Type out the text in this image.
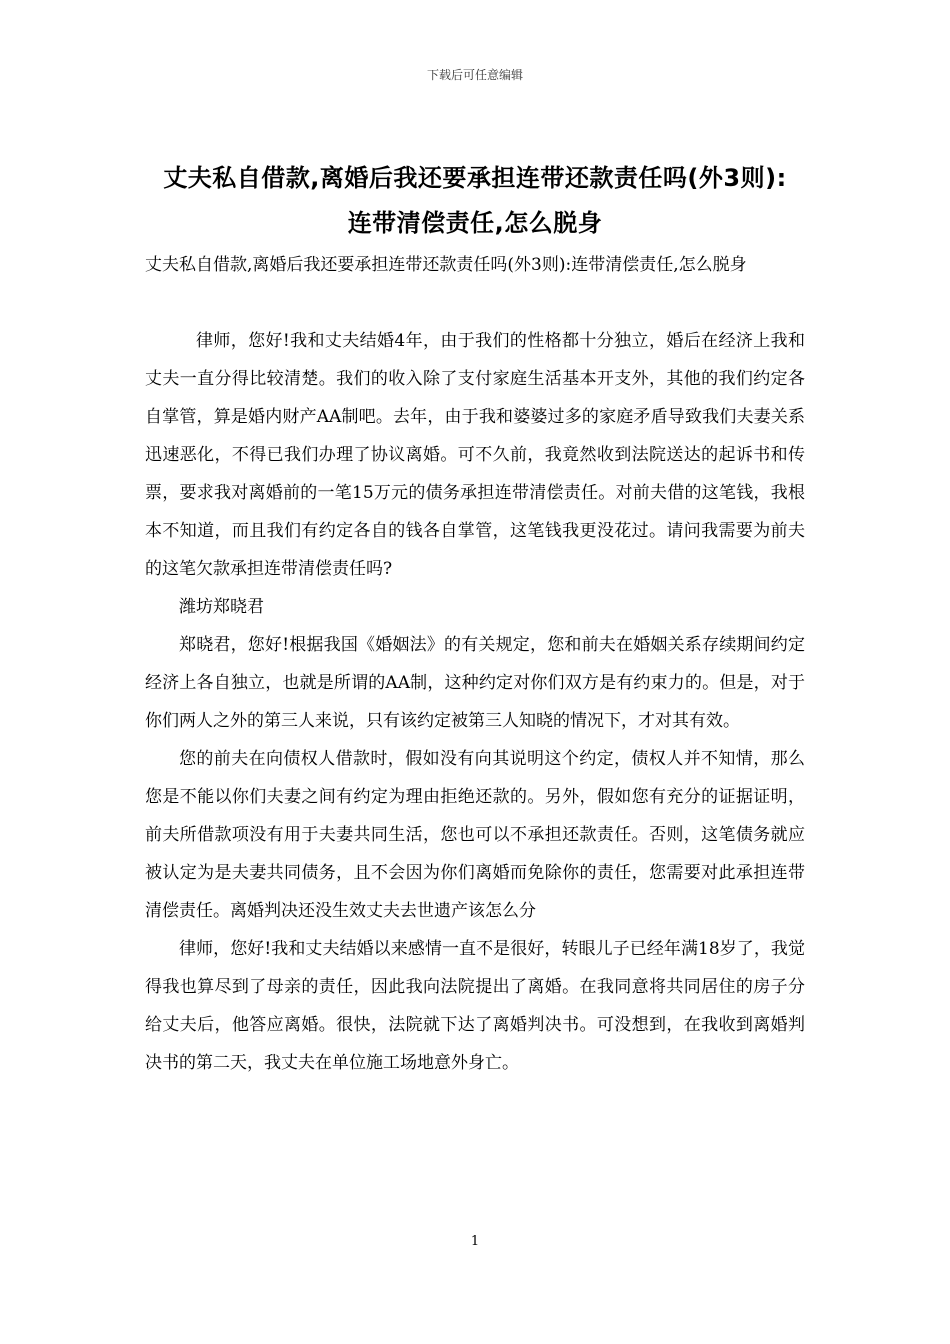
下载后可任意编辑
丈夫私自借款,离婚后我还要承担连带还款责任吗(外3则):
连带清偿责任,怎么脱身

丈夫私自借款,离婚后我还要承担连带还款责任吗(外3则):连带清偿责任,怎么脱身

律师，您好!我和丈夫结婚4年，由于我们的性格都十分独立，婚后在经济上我和丈夫一直分得比较清楚。我们的收入除了支付家庭生活基本开支外，其他的我们约定各自掌管，算是婚内财产AA制吧。去年，由于我和婆婆过多的家庭矛盾导致我们夫妻关系迅速恶化，不得已我们办理了协议离婚。可不久前，我竟然收到法院送达的起诉书和传票，要求我对离婚前的一笔15万元的债务承担连带清偿责任。对前夫借的这笔钱，我根本不知道，而且我们有约定各自的钱各自掌管，这笔钱我更没花过。请问我需要为前夫的这笔欠款承担连带清偿责任吗?

潍坊郑晓君

郑晓君，您好!根据我国《婚姻法》的有关规定，您和前夫在婚姻关系存续期间约定经济上各自独立，也就是所谓的AA制，这种约定对你们双方是有约束力的。但是，对于你们两人之外的第三人来说，只有该约定被第三人知晓的情况下，才对其有效。

您的前夫在向债权人借款时，假如没有向其说明这个约定，债权人并不知情，那么您是不能以你们夫妻之间有约定为理由拒绝还款的。另外，假如您有充分的证据证明，前夫所借款项没有用于夫妻共同生活，您也可以不承担还款责任。否则，这笔债务就应被认定为是夫妻共同债务，且不会因为你们离婚而免除你的责任，您需要对此承担连带清偿责任。离婚判决还没生效丈夫去世遗产该怎么分

律师，您好!我和丈夫结婚以来感情一直不是很好，转眼儿子已经年满18岁了，我觉得我也算尽到了母亲的责任，因此我向法院提出了离婚。在我同意将共同居住的房子分给丈夫后，他答应离婚。很快，法院就下达了离婚判决书。可没想到，在我收到离婚判决书的第二天，我丈夫在单位施工场地意外身亡。

1
